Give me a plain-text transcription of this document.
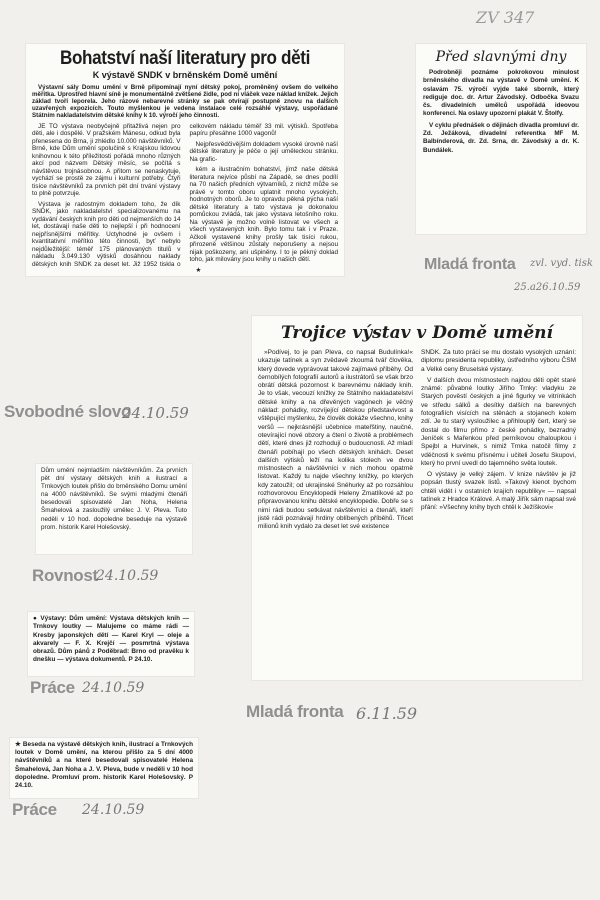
ZV 347
Bohatství naší literatury pro děti
K výstavě SNDK v brněnském Domě umění

Výstavní sály Domu umění v Brně připomínají nyní dětský pokoj, proměněný ovšem do velkého měřítka. Uprostřed hlavní síně je monumentálně zvětšené židle, pod ní vláček veze náklad knížek. Jejich základ tvoří leporela. Jeho rázové nebarevné stránky se pak otvírají postupně znovu na dalších uzavřených expozicích. Touto myšlenkou je vedena instalace celé rozsáhlé výstavy, uspořádané Státním nakladatelstvím dětské knihy k 10. výročí jeho činnosti.

JE TO výstava neobyčejně přitažlivá nejen pro děti, ale i dospělé. V pražském Mánesu, odkud byla přenesena do Brna, ji zhlédlo 10.000 návštěvníků. V Brně, kde Dům umění spolučině s Krajskou lidovou knihovnou k této příležitosti pořádá mnoho různých akcí pod názvem Dětský měsíc, se počítá s návštěvou trojnásobnou. A přitom se nenaskytuje, vychází se prostě ze zájmu i kulturní potřeby. Čtyři tisíce návštěvníků za prvních pět dní trvání výstavy to plně potvrzuje.

Výstava je radostným dokladem toho, že dík SNDK, jako nakladatelství specializovanému na vydávání českých knih pro děti od nejmenších do 14 let, dostávají naše děti to nejlepší i při hodnocení nejpřísnějšími měřítky. Uctyhodné je ovšem i kvantitativní měřítko této činnosti, byť nebylo nejdůležitější: téměř 175 plánovaných titulů v nákladu 3.049.130 výtisků dosáhnou naklady dětských knih SNDK za deset let. Již 1952 tiskla o celkovém nákladu téměř 33 mil. výtisků. Spotřeba papíru přesáhne 1000 vagonů!

Nejpřesvědčivějším dokladem vysoké úrovně naší dětské literatury je péče o její uměleckou stránku. Na grafic-

kém a ilustračním bohatství, jímž naše dětská literatura nejvíce půsbí na Západě, se dnes podílí na 70 našich předních výtvarníků, z nichž může se právě v tomto oboru uplatnit mnoho vysokých, hodnotných oborů. Je to opravdu pěkná pýcha naší dětské literatury a tato výstava je dokonalou pomůckou zvládá, tak jako výstava letošního roku. Na výstavě je možno volně listovat ve všech a všech vystavených knih. Bylo tomu tak i v Praze. Ačkoli vystavené knihy prošly tak tisíci rukou, přirozeně většinou zůstaly neporušeny a nejsou nijak poškozeny, ani ušpiněny. I to je pěkný doklad toho, jak milovány jsou knihy u našich dětí.

★

Svobodné slovo
24.10.59
Před slavnými dny

Podrobněji poznáme pokrokovou minulost brněnského divadla na výstavě v Domě umění. K oslavám 75. výročí vyjde také sborník, který rediguje doc. dr. Artur Závodský. Odbočka Svazu čs. divadelních umělců uspořádá ideovou konferenci. Na oslavy upozorní plakát V. Štolfy.

V cyklu přednášek o dějinách divadla promluví dr. Zd. Ježáková, divadelní referentka MF M. Balbínderová, dr. Zd. Srna, dr. Závodský a dr. K. Bundálek.

Mladá fronta zvl. vyd. tisk
25.a26.10.59
Trojice výstav v Domě umění

»Podívej, to je pan Pleva, co napsal Budulínka!« ukazuje tatínek a syn zvědavě zkoumá tvář člověka, který dovede vyprávovat takové zajímavé příběhy. Od černobílých fotografií autorů a ilustrátorů se však brzo obrátí dětská pozornost k barevnému náklady knih. Je to však, vecouzí knížky ze Státního nakladatelství dětské knihy a na dřevěných vagónech je věčný náklad: pohádky, rozvíjející dětskou představivost a vštěpující myšlenku, že člověk dokáže všechno, knihy veršů — nejkrásnější učebnice mateřštiny, naučné, otevírající nové obzory a čtení o životě a problémech dětí, které dnes již rozhodují o budoucnosti. Až mladí čtenáři pobíhají po všech dětských knihách. Deset dalších výtisků leží na kolika stolech ve dvou místnostech a návštěvníci v nich mohou opatrně listovat. Každý tu najde všechny knížky, po kterých kdy zatoužil; od ukrajinské Sněhurky až po rozsáhlou rozhovorovou Encyklopedii Heleny Zmatlíkové až po připravovanou knihu dětské encyklopedie. Dobře se s nimi rádi budou setkávat návštěvníci a čtenáři, kteří jistě rádi poznávají hrdiny oblíbených příběhů. Třicet milionů knih vydalo za deset let své existence

SNDK. Za tuto práci se mu dostalo vysokých uznání: diplomu presidenta republiky, ústředního výboru ČSM a Velké ceny Bruselské výstavy.

V dalších dvou místnostech najdou děti opět staré známé: půvabné loutky Jiřího Trnky: vladyku ze Starých pověstí českých a jiné figurky ve vitrínkách ve středu sálků a desítky dalších na barevných fotografiích visících na stěnách a stojanech kolem zdí. Je tu starý vysloužilec a přihlouplý čert, který se dostal do filmu přímo z české pohádky, bezradný Jeníček s Mařenkou před perníkovou chaloupkou i Spejbl a Hurvínek, s nimiž Trnka natočil filmy z vděčnosti k svému přísnému i učiteli Josefu Skupovi, který ho první uvedl do tajemného světa loutek.

O výstavy je velký zájem. V knize návštěv je již popsán tlustý svazek listů. »Takový kienot bychom chtěli vidět i v ostatních krajích republiky« — napsal tatínek z Hradce Králové. A malý Jiřík sám napsal své přání: »Všechny knihy bych chtěl k Ježíškovi«

Mladá fronta 6.11.59

Dům umění nejmladším návštěvníkům. Za prvních pět dní výstavy dětských knih a ilustrací a Trnkových loutek přišlo do brněnského Domu umění na 4000 návštěvníků. Se svými mladými čtenáři besedovali spisovatelé Jan Noha, Helena Šmahelová a zasloužilý umělec J. V. Pleva. Tuto neděli v 10 hod. dopoledne beseduje na výstavě prom. historik Karel Holešovský.

Rovnost
24.10.59

● Výstavy: Dům umění: Výstava dětských knih — Trnkovy loutky — Malujeme co máme rádi — Kresby japonských dětí — Karel Kryl — oleje a akvarely — F. X. Krejčí — posmrtná výstava obrazů. Dům pánů z Poděbrad: Brno od pravěku k dnešku — výstava dokumentů. P 24.10.

Práce 24.10.59

★ Beseda na výstavě dětských knih, ilustrací a Trnkových loutek v Domě umění, na kterou přišlo za 5 dní 4000 návštěvníků a na které besedovali spisovatelé Helena Šmahelová, Jan Noha a J. V. Pleva, bude v neděli v 10 hod dopoledne. Promluví prom. historik Karel Holešovský. P 24.10.

Práce 24.10.59
